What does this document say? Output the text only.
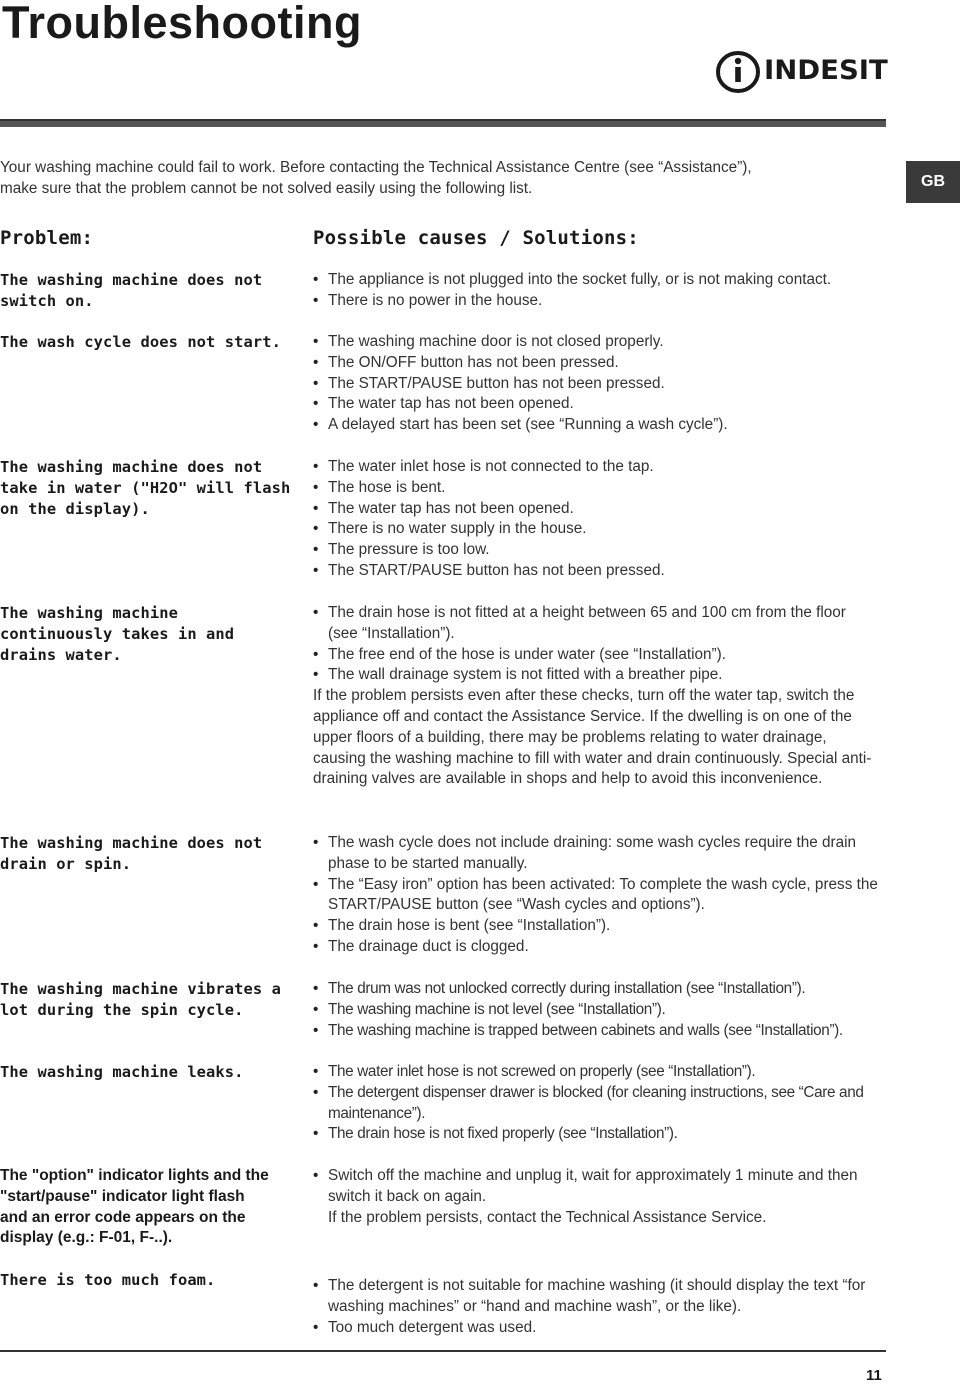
Troubleshooting
INDESIT
GB

Your washing machine could fail to work. Before contacting the Technical Assistance Centre (see “Assistance”),

make sure that the problem cannot be not solved easily using the following list.

Problem:	Possible causes / Solutions:
The washing machine does not
switch on.
• The appliance is not plugged into the socket fully, or is not making contact.
• There is no power in the house.
The wash cycle does not start.	• The washing machine door is not closed properly.
• The ON/OFF button has not been pressed.
• The START/PAUSE button has not been pressed.
• The water tap has not been opened.
• A delayed start has been set (see “Running a wash cycle”).
The washing machine does not
take in water ("H2O" will flash
on the display).
• The water inlet hose is not connected to the tap.
• The hose is bent.
• The water tap has not been opened.
• There is no water supply in the house.
• The pressure is too low.
• The START/PAUSE button has not been pressed.
The washing machine
continuously takes in and
drains water.
• The drain hose is not fitted at a height between 65 and 100 cm from the floor (see “Installation”).
• The free end of the hose is under water (see “Installation”).
• The wall drainage system is not fitted with a breather pipe.
If the problem persists even after these checks, turn off the water tap, switch the appliance off and contact the Assistance Service. If the dwelling is on one of the upper floors of a building, there may be problems relating to water drainage, causing the washing machine to fill with water and drain continuously. Special anti-draining valves are available in shops and help to avoid this inconvenience.
The washing machine does not
drain or spin.
• The wash cycle does not include draining: some wash cycles require the drain phase to be started manually.
• The “Easy iron” option has been activated: To complete the wash cycle, press the START/PAUSE button (see “Wash cycles and options”).
• The drain hose is bent (see “Installation”).
• The drainage duct is clogged.
The washing machine vibrates a
lot during the spin cycle.
• The drum was not unlocked correctly during installation (see “Installation”).
• The washing machine is not level (see “Installation”).
• The washing machine is trapped between cabinets and walls (see “Installation”).
The washing machine leaks.	• The water inlet hose is not screwed on properly (see “Installation”).
• The detergent dispenser drawer is blocked (for cleaning instructions, see “Care and maintenance”).
• The drain hose is not fixed properly (see “Installation”).
The "option" indicator lights and the
"start/pause" indicator light flash
and an error code appears on the
display (e.g.: F-01, F-..).
• Switch off the machine and unplug it, wait for approximately 1 minute and then switch it back on again.
If the problem persists, contact the Technical Assistance Service.
There is too much foam.	• The detergent is not suitable for machine washing (it should display the text “for washing machines” or “hand and machine wash”, or the like).
• Too much detergent was used.
11
